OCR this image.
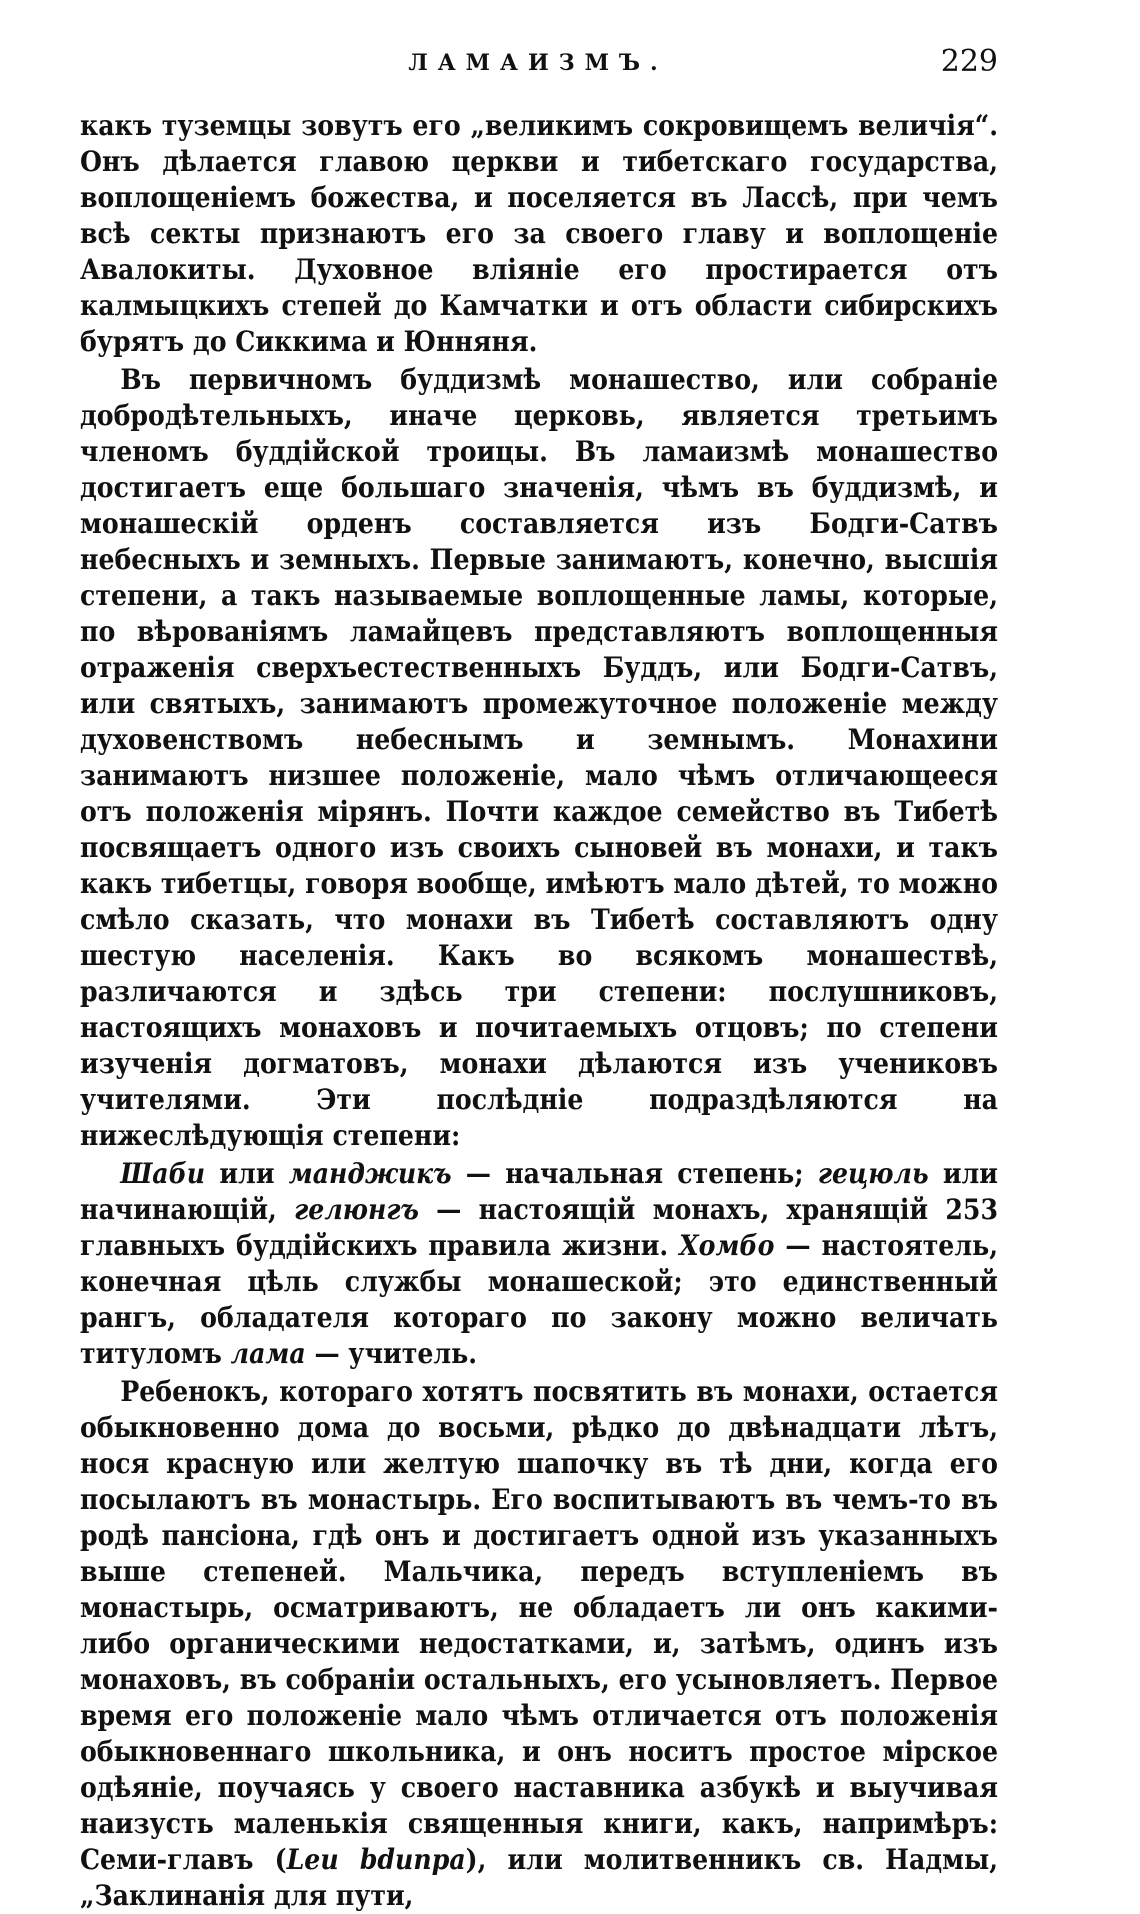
ЛАМАИЗМЪ.	229

какъ туземцы зовутъ его „великимъ сокровищемъ величія“. Онъ дѣлается главою церкви и тибетскаго государства, воплощеніемъ божества, и поселяется въ Лассѣ, при чемъ всѣ секты признаютъ его за своего главу и воплощеніе Авалокиты. Духовное вліяніе его простирается отъ калмыцкихъ степей до Камчатки и отъ области сибирскихъ бурятъ до Сиккима и Юнняня.

Въ первичномъ буддизмѣ монашество, или собраніе добродѣтельныхъ, иначе церковь, является третьимъ членомъ буддійской троицы. Въ ламаизмѣ монашество достигаетъ еще большаго значенія, чѣмъ въ буддизмѣ, и монашескій орденъ составляется изъ Бодги-Сатвъ небесныхъ и земныхъ. Первые занимаютъ, конечно, высшія степени, а такъ называемые воплощенные ламы, которые, по вѣрованіямъ ламайцевъ представляютъ воплощенныя отраженія сверхъестественныхъ Буддъ, или Бодги-Сатвъ, или святыхъ, занимаютъ промежуточное положеніе между духовенствомъ небеснымъ и земнымъ. Монахини занимаютъ низшее положеніе, мало чѣмъ отличающееся отъ положенія мірянъ. Почти каждое семейство въ Тибетѣ посвящаетъ одного изъ своихъ сыновей въ монахи, и такъ какъ тибетцы, говоря вообще, имѣютъ мало дѣтей, то можно смѣло сказать, что монахи въ Тибетѣ составляютъ одну шестую населенія. Какъ во всякомъ монашествѣ, различаются и здѣсь три степени: послушниковъ, настоящихъ монаховъ и почитаемыхъ отцовъ; по степени изученія догматовъ, монахи дѣлаются изъ учениковъ учителями. Эти послѣдніе подраздѣляются на нижеслѣдующія степени:

Шаби или манджикъ — начальная степень; гецюль или начинающій, гелюнгъ — настоящій монахъ, хранящій 253 главныхъ буддійскихъ правила жизни. Хомбо — настоятель, конечная цѣль службы монашеской; это единственный рангъ, обладателя котораго по закону можно величать титуломъ лама — учитель.

Ребенокъ, котораго хотятъ посвятить въ монахи, остается обыкновенно дома до восьми, рѣдко до двѣнадцати лѣтъ, нося красную или желтую шапочку въ тѣ дни, когда его посылаютъ въ монастырь. Его воспитываютъ въ чемъ-то въ родѣ пансіона, гдѣ онъ и достигаетъ одной изъ указанныхъ выше степеней. Мальчика, передъ вступленіемъ въ монастырь, осматриваютъ, не обладаетъ ли онъ какими-либо органическими недостатками, и, затѣмъ, одинъ изъ монаховъ, въ собраніи остальныхъ, его усыновляетъ. Первое время его положеніе мало чѣмъ отличается отъ положенія обыкновеннаго школьника, и онъ носитъ простое мірское одѣяніе, поучаясь у своего наставника азбукѣ и выучивая наизусть маленькія священныя книги, какъ, напримѣръ: Семи-главъ (Leu bdunpa), или молитвенникъ св. Надмы, „Заклинанія для пути,
